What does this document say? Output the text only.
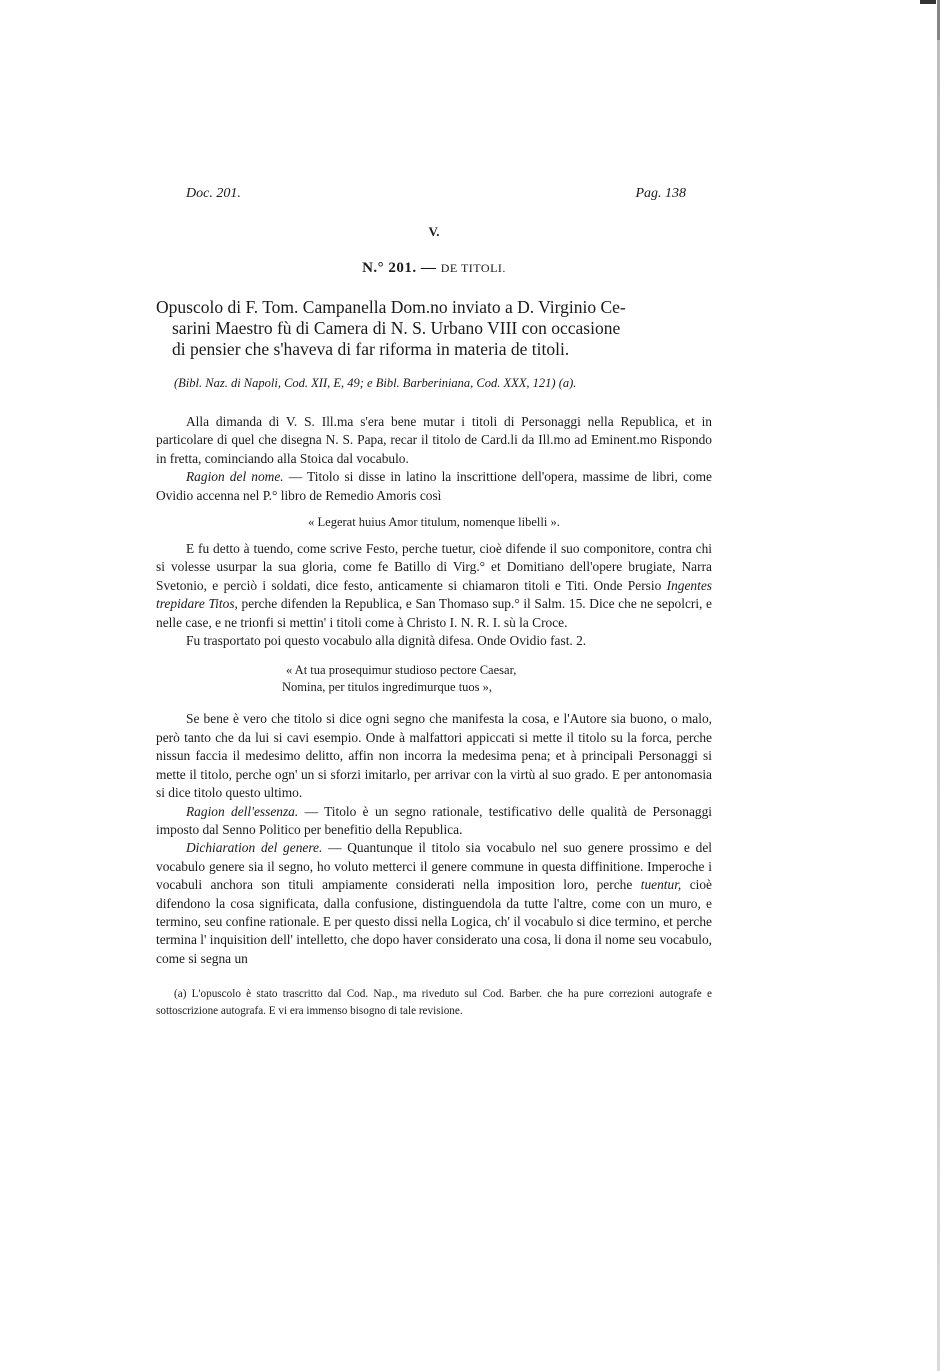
Doc. 201.	Pag. 138
V.
N.° 201. — DE TITOLI.
Opuscolo di F. Tom. Campanella Dom.no inviato a D. Virginio Ce-
sarini Maestro fù di Camera di N. S. Urbano VIII con occasione
di pensier che s'haveva di far riforma in materia de titoli.
(Bibl. Naz. di Napoli, Cod. XII, E, 49; e Bibl. Barberiniana, Cod. XXX, 121) (a).

Alla dimanda di V. S. Ill.ma s'era bene mutar i titoli di Personaggi nella Republica, et in particolare di quel che disegna N. S. Papa, recar il titolo de Card.li da Ill.mo ad Eminent.mo Rispondo in fretta, cominciando alla Stoica dal vocabulo.

Ragion del nome. — Titolo si disse in latino la inscrittione dell'opera, massime de libri, come Ovidio accenna nel P.° libro de Remedio Amoris così

« Legerat huius Amor titulum, nomenque libelli ».

E fu detto à tuendo, come scrive Festo, perche tuetur, cioè difende il suo componitore, contra chi si volesse usurpar la sua gloria, come fe Batillo di Virg.° et Domitiano dell'opere brugiate, Narra Svetonio, e perciò i soldati, dice festo, anticamente si chiamaron titoli e Titi. Onde Persio Ingentes trepidare Titos, perche difenden la Republica, e San Thomaso sup.° il Salm. 15. Dice che ne sepolcri, e nelle case, e ne trionfi si mettin' i titoli come à Christo I. N. R. I. sù la Croce.

Fu trasportato poi questo vocabulo alla dignità difesa. Onde Ovidio fast. 2.

« At tua prosequimur studioso pectore Caesar,
Nomina, per titulos ingredimurque tuos »,

Se bene è vero che titolo si dice ogni segno che manifesta la cosa, e l'Autore sia buono, o malo, però tanto che da lui si cavi esempio. Onde à malfattori appiccati si mette il titolo su la forca, perche nissun faccia il medesimo delitto, affin non incorra la medesima pena; et à principali Personaggi si mette il titolo, perche ogn' un si sforzi imitarlo, per arrivar con la virtù al suo grado. E per antonomasia si dice titolo questo ultimo.

Ragion dell'essenza. — Titolo è un segno rationale, testificativo delle qualità de Personaggi imposto dal Senno Politico per benefitio della Republica.

Dichiaration del genere. — Quantunque il titolo sia vocabulo nel suo genere prossimo e del vocabulo genere sia il segno, ho voluto metterci il genere commune in questa diffinitione. Imperoche i vocabuli anchora son tituli ampiamente considerati nella imposition loro, perche tuentur, cioè difendono la cosa significata, dalla confusione, distinguendola da tutte l'altre, come con un muro, e termino, seu confine rationale. E per questo dissi nella Logica, ch' il vocabulo si dice termino, et perche termina l' inquisition dell' intelletto, che dopo haver considerato una cosa, li dona il nome seu vocabulo, come si segna un

(a) L'opuscolo è stato trascritto dal Cod. Nap., ma riveduto sul Cod. Barber. che ha pure correzioni autografe e sottoscrizione autografa. E vi era immenso bisogno di tale revisione.
